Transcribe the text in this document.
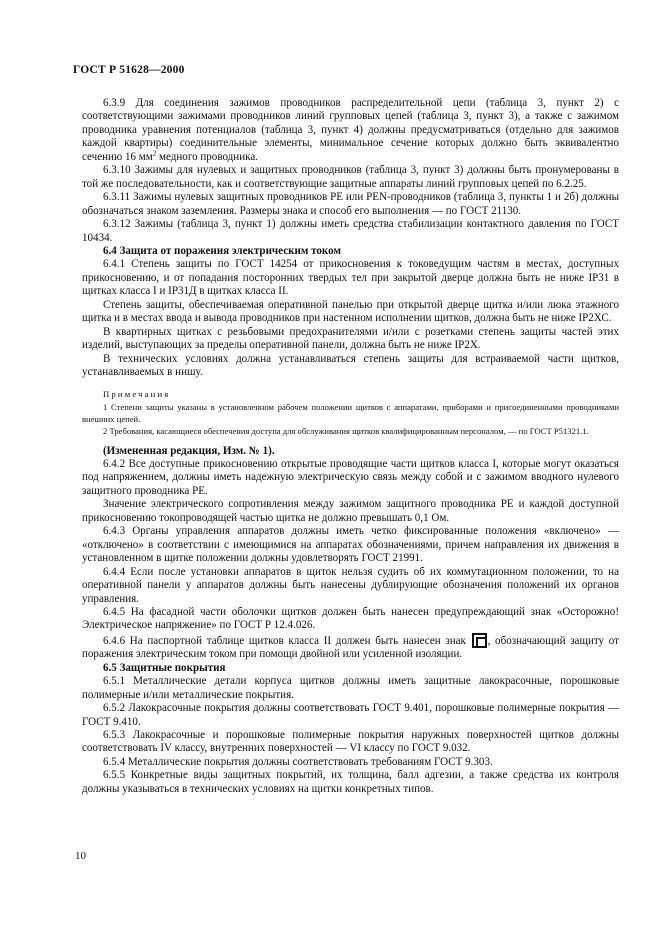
ГОСТ Р 51628—2000

6.3.9 Для соединения зажимов проводников распределительной цепи (таблица 3, пункт 2) с соответствующими зажимами проводников линий групповых цепей (таблица 3, пункт 3), а также с зажимом проводника уравнения потенциалов (таблица 3, пункт 4) должны предусматриваться (отдельно для зажимов каждой квартиры) соединительные элементы, минимальное сечение которых должно быть эквивалентно сечению 16 $мм^2$ медного проводника.

6.3.10 Зажимы для нулевых и защитных проводников (таблица 3, пункт 3) должны быть пронумерованы в той же последовательности, как и соответствующие защитные аппараты линий групповых цепей по 6.2.25.

6.3.11 Зажимы нулевых защитных проводников PE или PEN-проводников (таблица 3, пункты 1 и 2б) должны обозначаться знаком заземления. Размеры знака и способ его выполнения — по ГОСТ 21130.

6.3.12 Зажимы (таблица 3, пункт 1) должны иметь средства стабилизации контактного давления по ГОСТ 10434.

6.4 Защита от поражения электрическим током

6.4.1 Степень защиты по ГОСТ 14254 от прикосновения к токоведущим частям в местах, доступных прикосновению, и от попадания посторонних твердых тел при закрытой дверце должна быть не ниже IP31 в щитках класса I и IP31Д в щитках класса II.

Степень защиты, обеспечиваемая оперативной панелью при открытой дверце щитка и/или люка этажного щитка и в местах ввода и вывода проводников при настенном исполнении щитков, должна быть не ниже IP2ХС.

В квартирных щитках с резьбовыми предохранителями и/или с розетками степень защиты частей этих изделий, выступающих за пределы оперативной панели, должна быть не ниже IP2Х.

В технических условиях должна устанавливаться степень защиты для встраиваемой части щитков, устанавливаемых в нишу.

Примечания

1 Степени защиты указаны в установленном рабочем положении щитков с аппаратами, приборами и присоединенными проводниками внешних цепей.

2 Требования, касающиеся обеспечения доступа для обслуживания щитков квалифицированным персоналом, — по ГОСТ Р51321.1.

(Измененная редакция, Изм. № 1).

6.4.2 Все доступные прикосновению открытые проводящие части щитков класса I, которые могут оказаться под напряжением, должны иметь надежную электрическую связь между собой и с зажимом вводного нулевого защитного проводника PE.

Значение электрического сопротивления между зажимом защитного проводника PE и каждой доступной прикосновению токопроводящей частью щитка не должно превышать 0,1 Ом.

6.4.3 Органы управления аппаратов должны иметь четко фиксированные положения «включено» — «отключено» в соответствии с имеющимися на аппаратах обозначениями, причем направления их движения в установленном в щитке положении должны удовлетворять ГОСТ 21991.

6.4.4 Если после установки аппаратов в щиток нельзя судить об их коммутационном положении, то на оперативной панели у аппаратов должны быть нанесены дублирующие обозначения положений их органов управления.

6.4.5 На фасадной части оболочки щитков должен быть нанесен предупреждающий знак «Осторожно! Электрическое напряжение» по ГОСТ Р 12.4.026.

6.4.6 На паспортной таблице щитков класса II должен быть нанесен знак , обозначающий защиту от поражения электрическим током при помощи двойной или усиленной изоляции.

6.5 Защитные покрытия

6.5.1 Металлические детали корпуса щитков должны иметь защитные лакокрасочные, порошковые полимерные и/или металлические покрытия.

6.5.2 Лакокрасочные покрытия должны соответствовать ГОСТ 9.401, порошковые полимерные покрытия — ГОСТ 9.410.

6.5.3 Лакокрасочные и порошковые полимерные покрытия наружных поверхностей щитков должны соответствовать IV классу, внутренних поверхностей — VI классу по ГОСТ 9.032.

6.5.4 Металлические покрытия должны соответствовать требованиям ГОСТ 9.303.

6.5.5 Конкретные виды защитных покрытий, их толщина, балл адгезии, а также средства их контроля должны указываться в технических условиях на щитки конкретных типов.

10
